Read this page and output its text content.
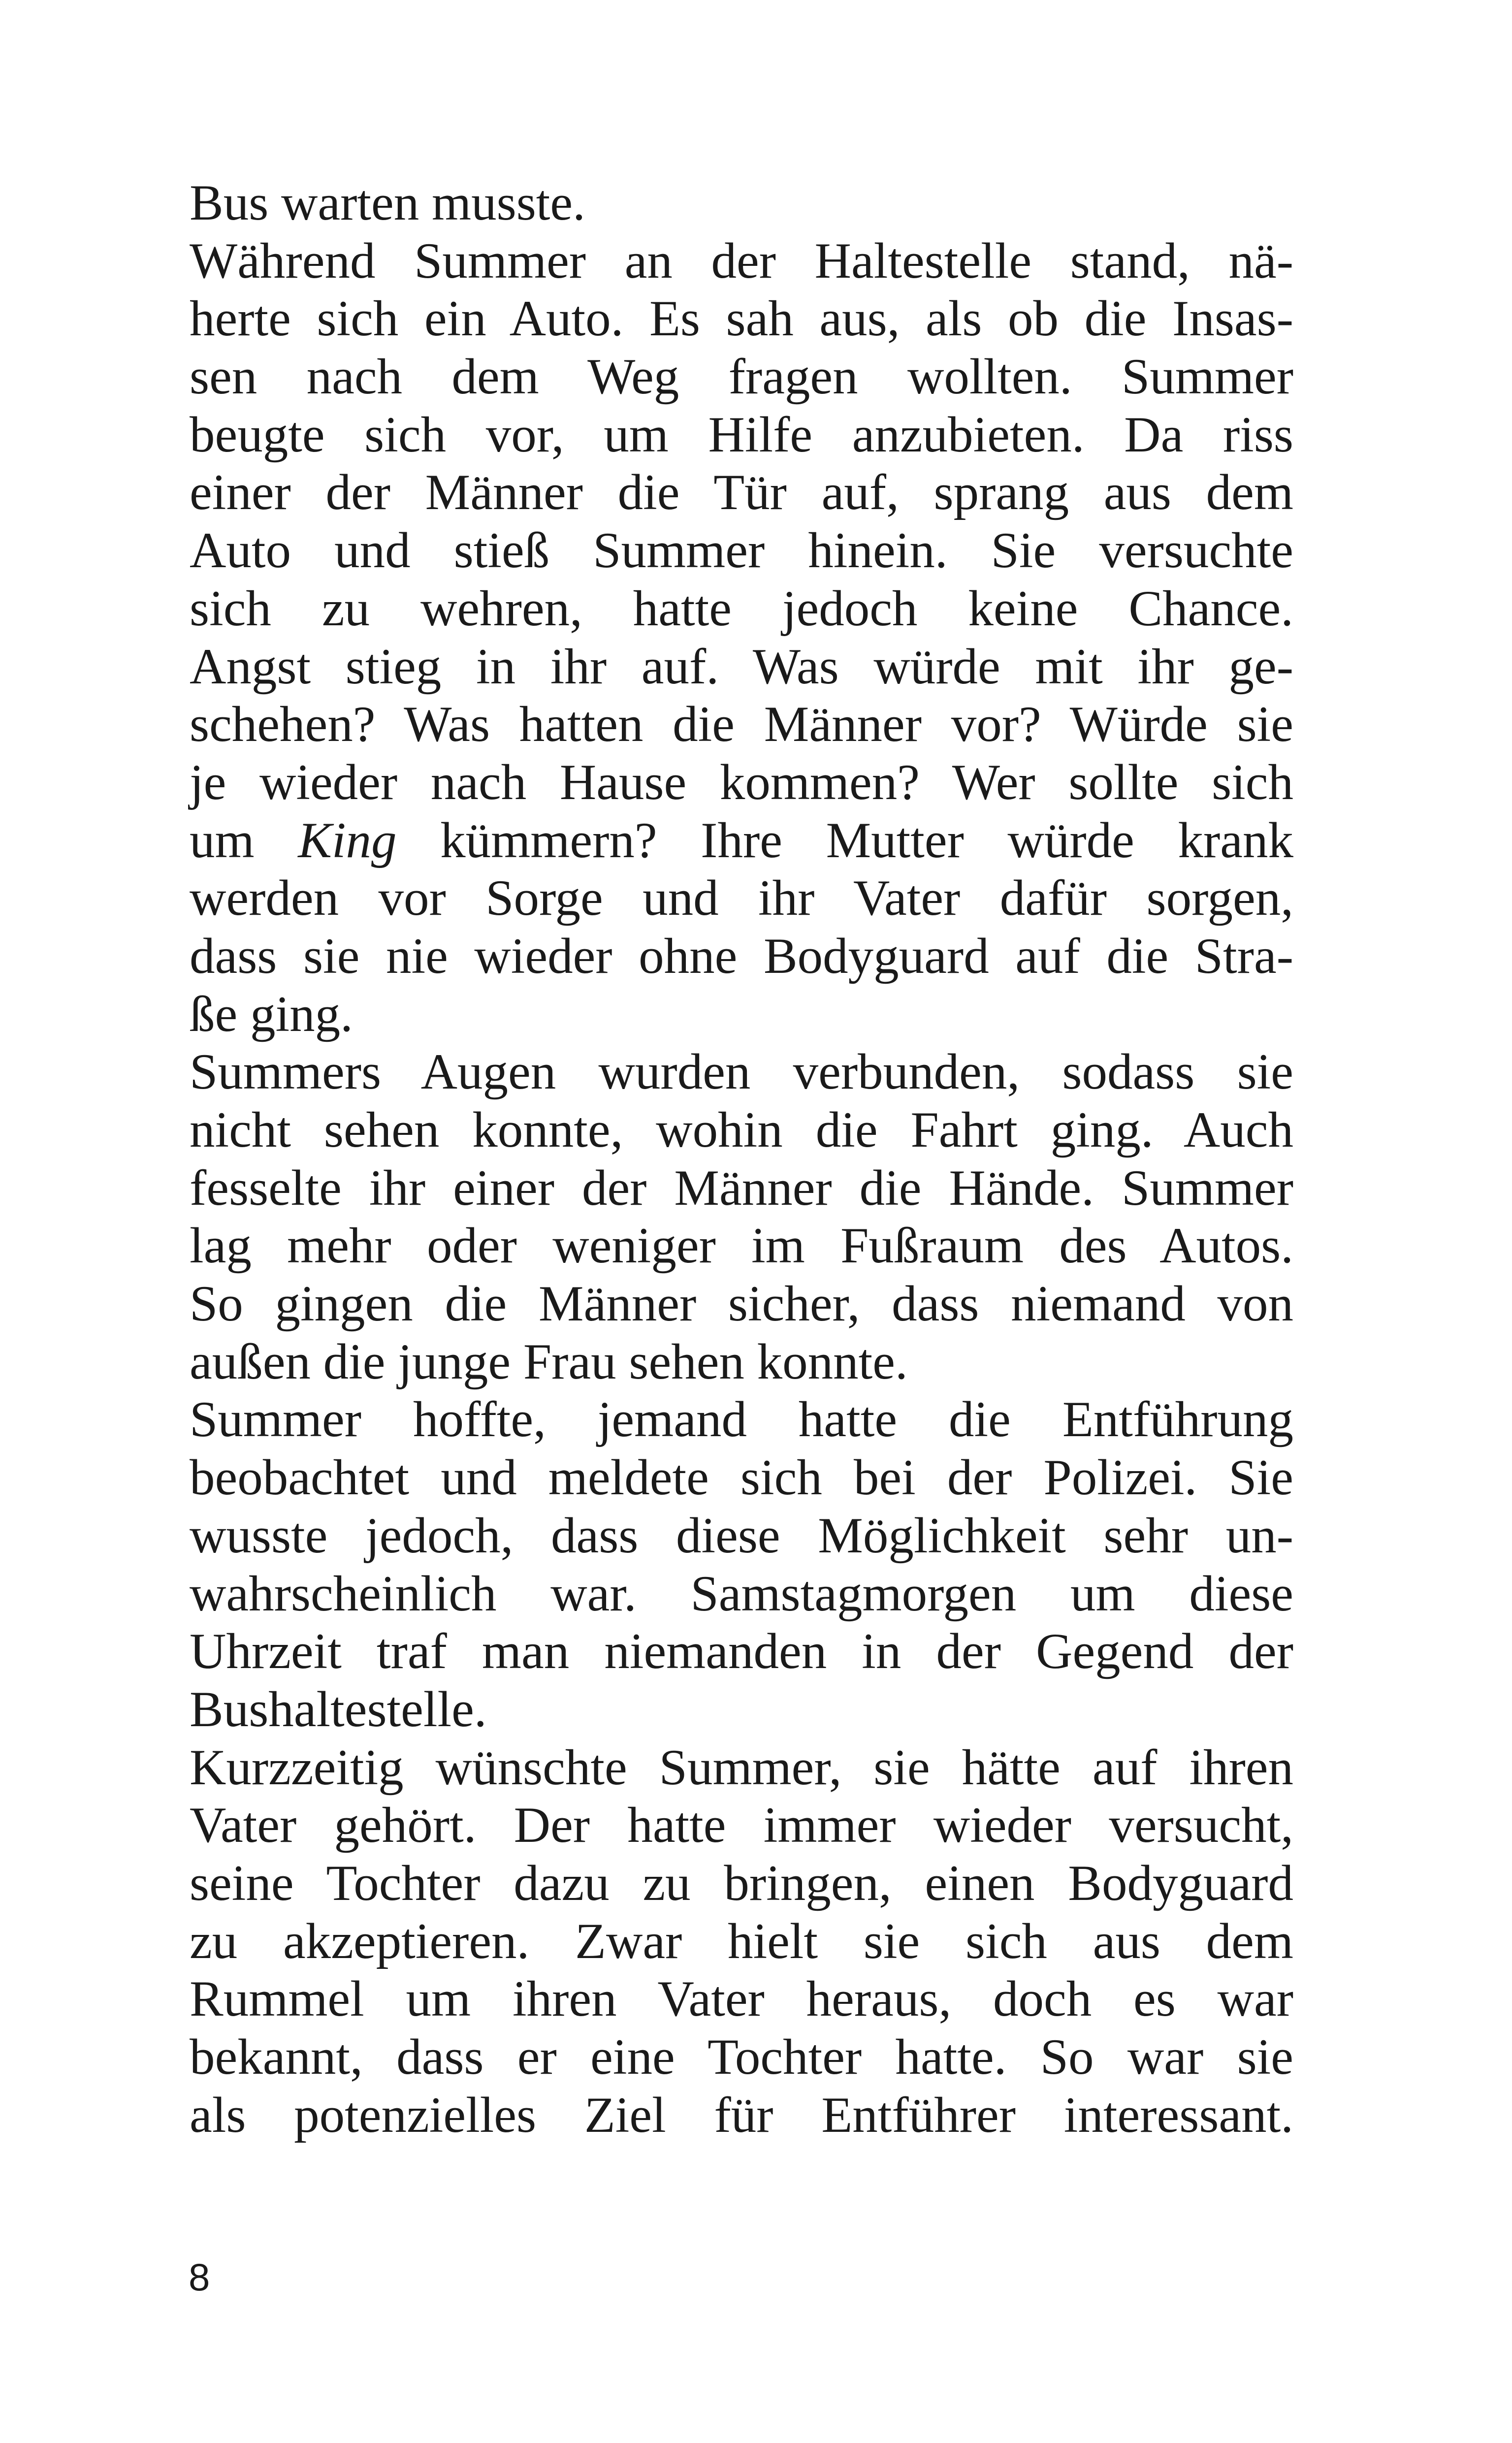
Bus warten musste.
Während Summer an der Haltestelle stand, nä-
herte sich ein Auto. Es sah aus, als ob die Insas-
sen nach dem Weg fragen wollten. Summer
beugte sich vor, um Hilfe anzubieten. Da riss
einer der Männer die Tür auf, sprang aus dem
Auto und stieß Summer hinein. Sie versuchte
sich zu wehren, hatte jedoch keine Chance.
Angst stieg in ihr auf. Was würde mit ihr ge-
schehen? Was hatten die Männer vor? Würde sie
je wieder nach Hause kommen? Wer sollte sich
um King kümmern? Ihre Mutter würde krank
werden vor Sorge und ihr Vater dafür sorgen,
dass sie nie wieder ohne Bodyguard auf die Stra-
ße ging.
Summers Augen wurden verbunden, sodass sie
nicht sehen konnte, wohin die Fahrt ging. Auch
fesselte ihr einer der Männer die Hände. Summer
lag mehr oder weniger im Fußraum des Autos.
So gingen die Männer sicher, dass niemand von
außen die junge Frau sehen konnte.
Summer hoffte, jemand hatte die Entführung
beobachtet und meldete sich bei der Polizei. Sie
wusste jedoch, dass diese Möglichkeit sehr un-
wahrscheinlich war. Samstagmorgen um diese
Uhrzeit traf man niemanden in der Gegend der
Bushaltestelle.
Kurzzeitig wünschte Summer, sie hätte auf ihren
Vater gehört. Der hatte immer wieder versucht,
seine Tochter dazu zu bringen, einen Bodyguard
zu akzeptieren. Zwar hielt sie sich aus dem
Rummel um ihren Vater heraus, doch es war
bekannt, dass er eine Tochter hatte. So war sie
als potenzielles Ziel für Entführer interessant.
8
